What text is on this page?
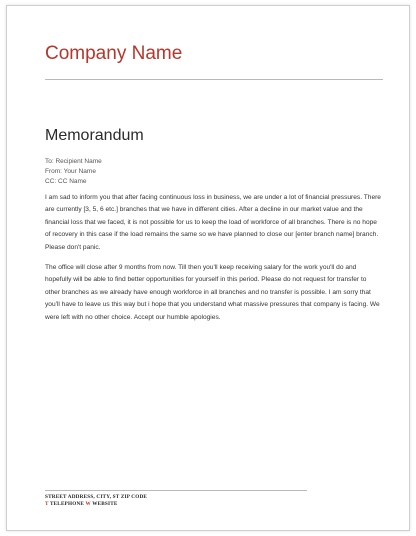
Company Name
Memorandum
To: Recipient Name
From: Your Name
CC: CC Name

I am sad to inform you that after facing continuous loss in business, we are under a lot of financial pressures. There are currently [3, 5, 6 etc.] branches that we have in different cities. After a decline in our market value and the financial loss that we faced, it is not possible for us to keep the load of workforce of all branches. There is no hope of recovery in this case if the load remains the same so we have planned to close our [enter branch name] branch. Please don't panic.

The office will close after 9 months from now. Till then you'll keep receiving salary for the work you'll do and hopefully will be able to find better opportunities for yourself in this period. Please do not request for transfer to other branches as we already have enough workforce in all branches and no transfer is possible. I am sorry that you'll have to leave us this way but i hope that you understand what massive pressures that company is facing. We were left with no other choice. Accept our humble apologies.

STREET ADDRESS, CITY, ST ZIP CODE
T TELEPHONE W WEBSITE
